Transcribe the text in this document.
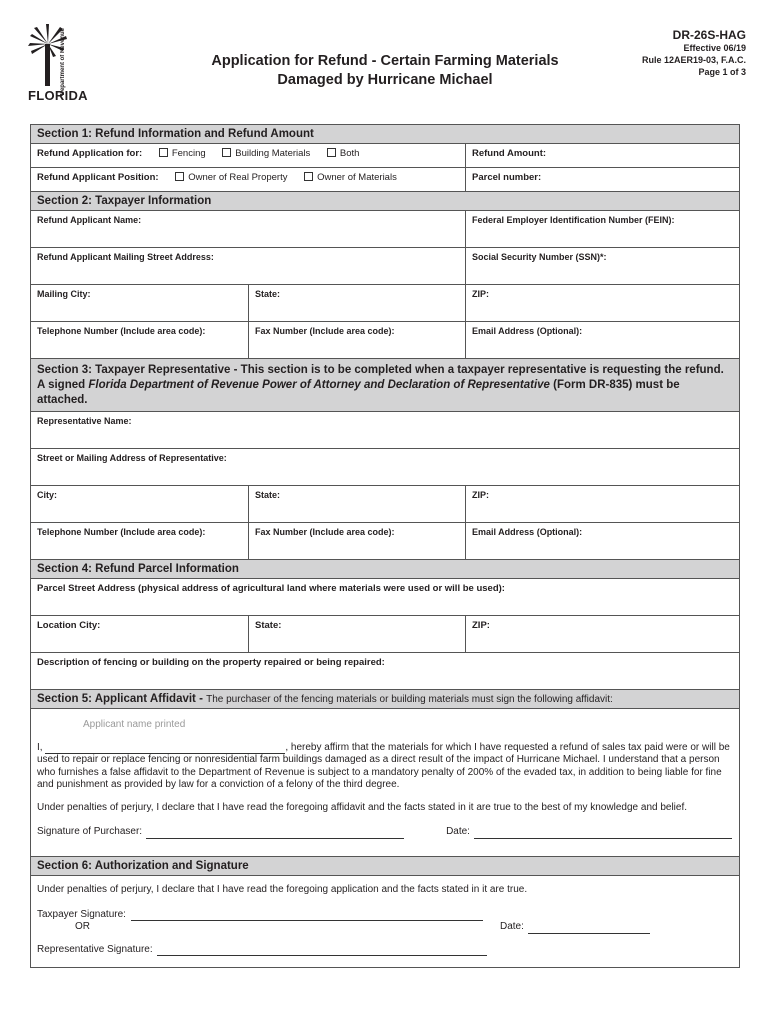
Department of Revenue
FLORIDA
Application for Refund - Certain Farming Materials
Damaged by Hurricane Michael
DR-26S-HAG
Effective 06/19
Rule 12AER19-03, F.A.C.
Page 1 of 3
Section 1: Refund Information and Refund Amount
Refund Application for:	Fencing	Building Materials	Both	Refund Amount:
Refund Applicant Position:	Owner of Real Property	Owner of Materials	Parcel number:
Section 2: Taxpayer Information
Refund Applicant Name:	Federal Employer Identification Number (FEIN):
Refund Applicant Mailing Street Address:	Social Security Number (SSN)*:
Mailing City:	State:	ZIP:
Telephone Number (Include area code):	Fax Number (Include area code):	Email Address (Optional):
Section 3: Taxpayer Representative - This section is to be completed when a taxpayer representative is requesting the refund. A signed Florida Department of Revenue Power of Attorney and Declaration of Representative (Form DR-835) must be attached.
Representative Name:
Street or Mailing Address of Representative:
City:	State:	ZIP:
Telephone Number (Include area code):	Fax Number (Include area code):	Email Address (Optional):
Section 4: Refund Parcel Information
Parcel Street Address (physical address of agricultural land where materials were used or will be used):
Location City:	State:	ZIP:
Description of fencing or building on the property repaired or being repaired:
Section 5: Applicant Affidavit - The purchaser of the fencing materials or building materials must sign the following affidavit:
Applicant name printed
I,	, hereby affirm that the materials for which I have requested a refund of sales tax paid were or will be used to repair or replace fencing or nonresidential farm buildings damaged as a direct result of the impact of Hurricane Michael. I understand that a person who furnishes a false affidavit to the Department of Revenue is subject to a mandatory penalty of 200% of the evaded tax, in addition to being liable for fine and punishment as provided by law for a conviction of a felony of the third degree.
Under penalties of perjury, I declare that I have read the foregoing affidavit and the facts stated in it are true to the best of my knowledge and belief.
Signature of Purchaser:	Date:
Section 6: Authorization and Signature
Under penalties of perjury, I declare that I have read the foregoing application and the facts stated in it are true.
Taxpayer Signature:
OR	Date:
Representative Signature:
